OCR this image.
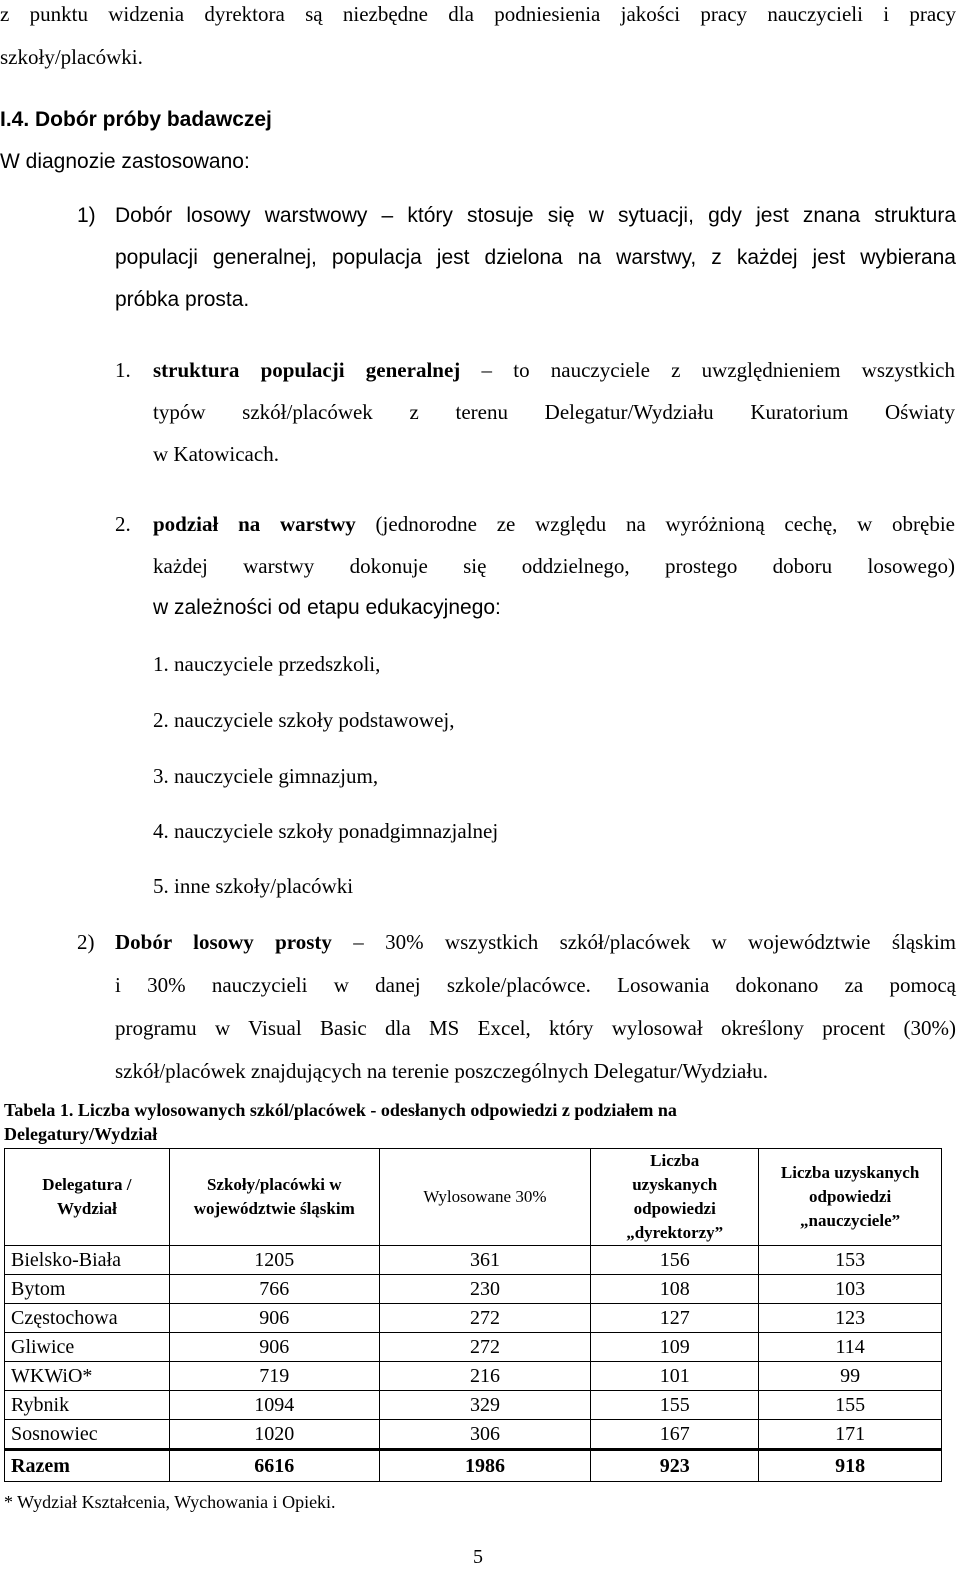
z punktu widzenia dyrektora są niezbędne dla podniesienia jakości pracy nauczycieli i pracy
szkoły/placówki.
I.4. Dobór próby badawczej
W diagnozie zastosowano:
1) Dobór losowy warstwowy – który stosuje się w sytuacji, gdy jest znana struktura
populacji generalnej, populacja jest dzielona na warstwy, z każdej jest wybierana
próbka prosta.
1. struktura populacji generalnej – to nauczyciele z uwzględnieniem wszystkich
typów szkół/placówek z terenu Delegatur/Wydziału Kuratorium Oświaty
w Katowicach.
2. podział na warstwy (jednorodne ze względu na wyróżnioną cechę, w obrębie
każdej warstwy dokonuje się oddzielnego, prostego doboru losowego)
w zależności od etapu edukacyjnego:
1. nauczyciele przedszkoli,
2. nauczyciele szkoły podstawowej,
3. nauczyciele gimnazjum,
4. nauczyciele szkoły ponadgimnazjalnej
5. inne szkoły/placówki
2) Dobór losowy prosty – 30% wszystkich szkół/placówek w województwie śląskim
i 30% nauczycieli w danej szkole/placówce. Losowania dokonano za pomocą
programu w Visual Basic dla MS Excel, który wylosował określony procent (30%)
szkół/placówek znajdujących na terenie poszczególnych Delegatur/Wydziału.
Tabela 1. Liczba wylosowanych szkól/placówek - odesłanych odpowiedzi z podziałem na
Delegatury/Wydział
Delegatura / Wydział	Szkoły/placówki w województwie śląskim	Wylosowane 30%	Liczba uzyskanych odpowiedzi „dyrektorzy”	Liczba uzyskanych odpowiedzi „nauczyciele”
Bielsko-Biała	1205	361	156	153
Bytom	766	230	108	103
Częstochowa	906	272	127	123
Gliwice	906	272	109	114
WKWiO*	719	216	101	99
Rybnik	1094	329	155	155
Sosnowiec	1020	306	167	171
Razem	6616	1986	923	918
* Wydział Kształcenia, Wychowania i Opieki.
5
